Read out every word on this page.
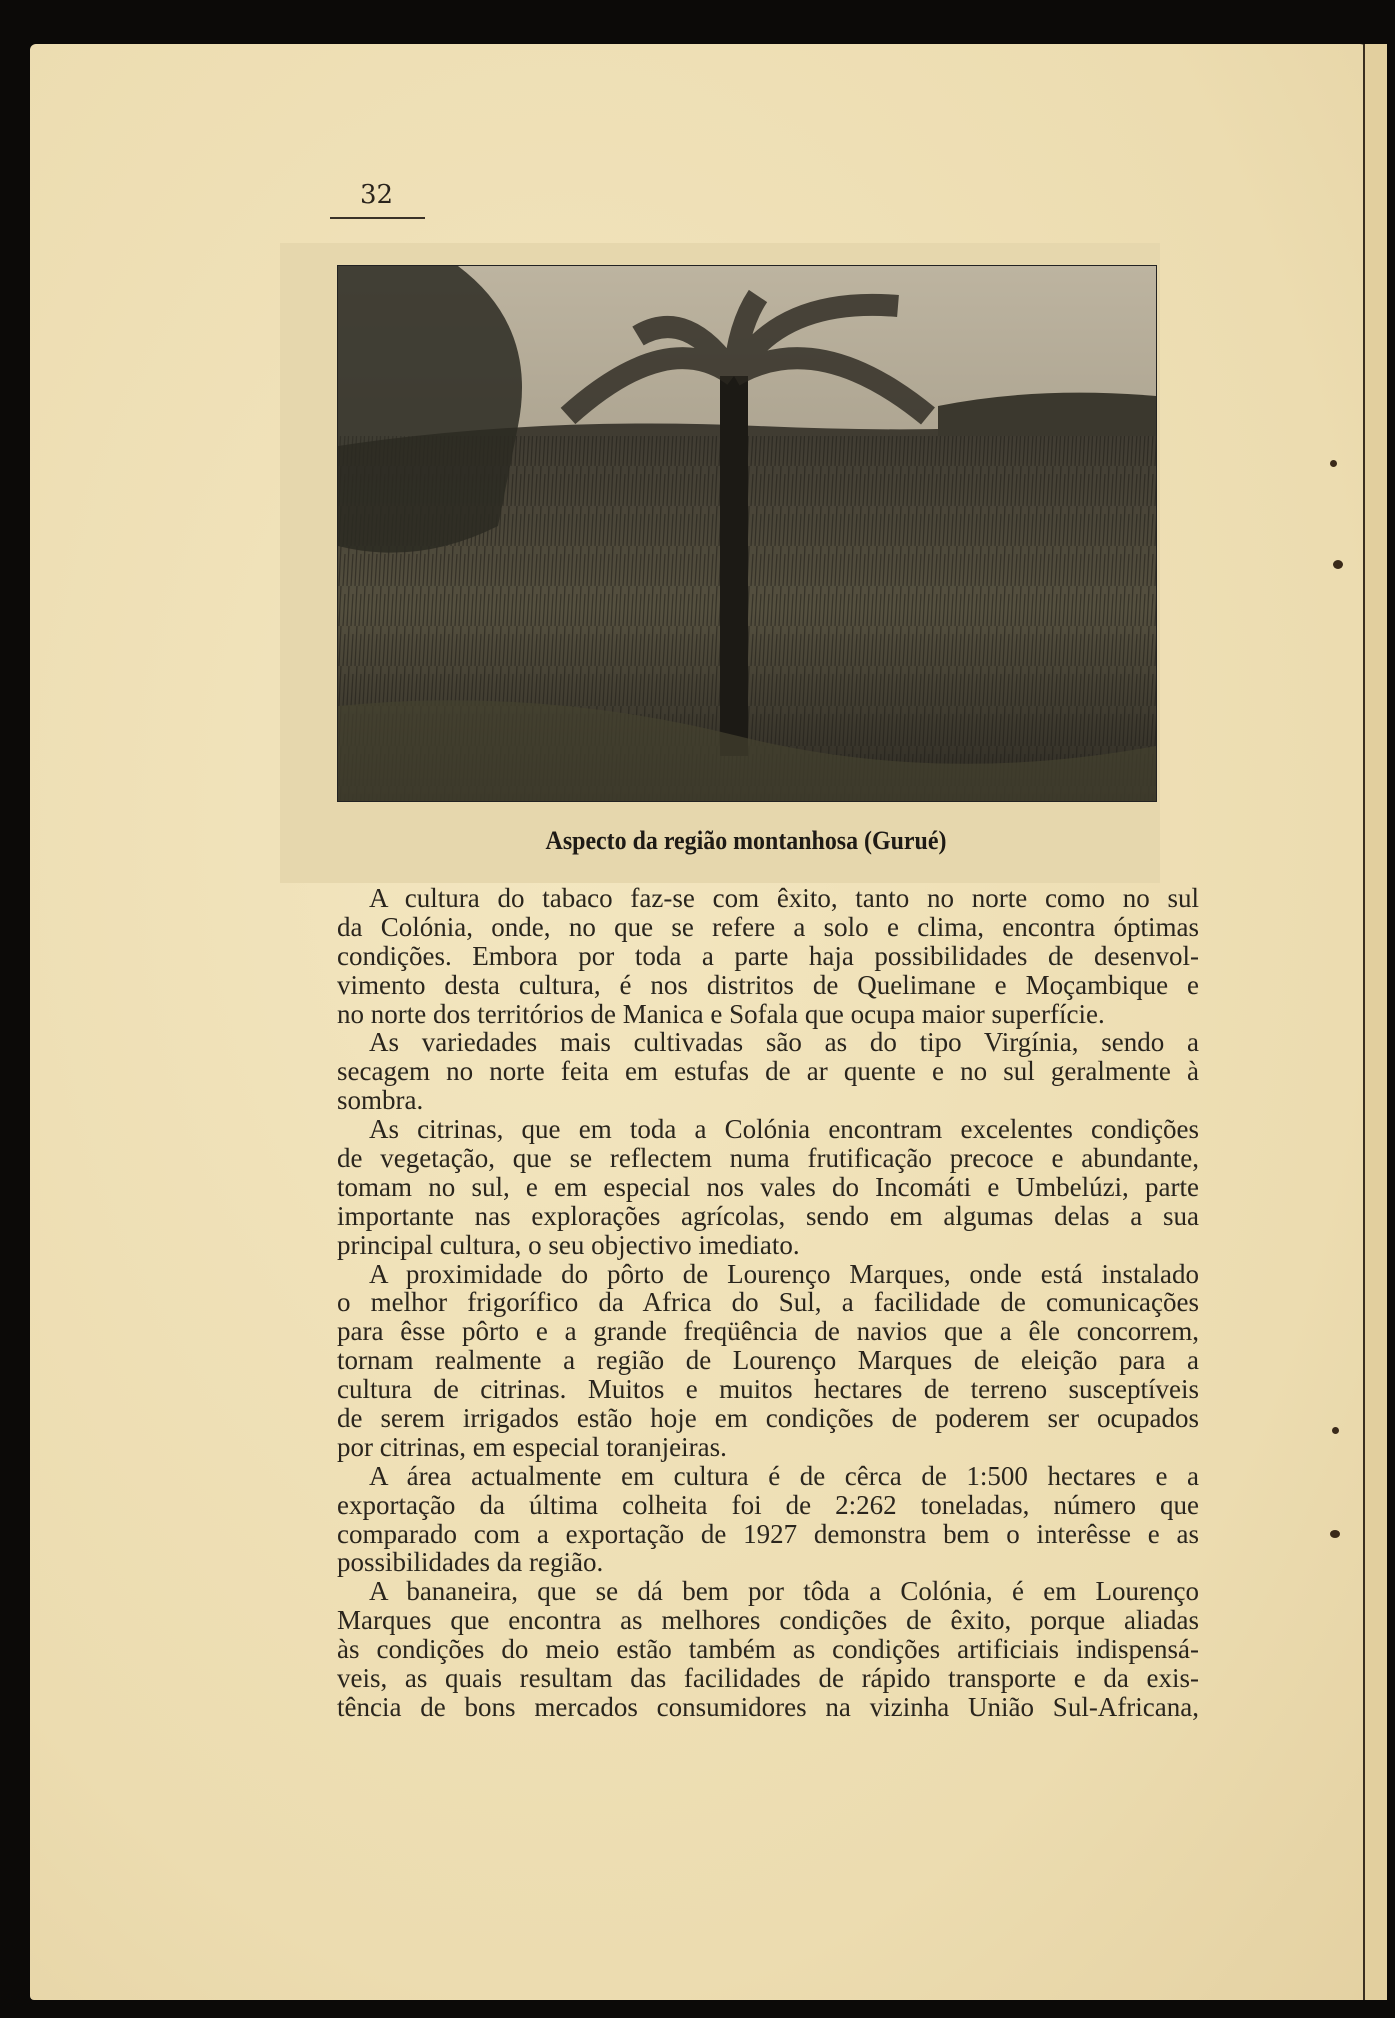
32
Aspecto da região montanhosa (Gurué)
A cultura do tabaco faz-se com êxito, tanto no norte como no sul
da Colónia, onde, no que se refere a solo e clima, encontra óptimas
condições. Embora por toda a parte haja possibilidades de desenvol-
vimento desta cultura, é nos distritos de Quelimane e Moçambique e
no norte dos territórios de Manica e Sofala que ocupa maior superfície.
As variedades mais cultivadas são as do tipo Virgínia, sendo a
secagem no norte feita em estufas de ar quente e no sul geralmente à
sombra.
As citrinas, que em toda a Colónia encontram excelentes condições
de vegetação, que se reflectem numa frutificação precoce e abundante,
tomam no sul, e em especial nos vales do Incomáti e Umbelúzi, parte
importante nas explorações agrícolas, sendo em algumas delas a sua
principal cultura, o seu objectivo imediato.
A proximidade do pôrto de Lourenço Marques, onde está instalado
o melhor frigorífico da Africa do Sul, a facilidade de comunicações
para êsse pôrto e a grande freqüência de navios que a êle concorrem,
tornam realmente a região de Lourenço Marques de eleição para a
cultura de citrinas. Muitos e muitos hectares de terreno susceptíveis
de serem irrigados estão hoje em condições de poderem ser ocupados
por citrinas, em especial toranjeiras.
A área actualmente em cultura é de cêrca de 1:500 hectares e a
exportação da última colheita foi de 2:262 toneladas, número que
comparado com a exportação de 1927 demonstra bem o interêsse e as
possibilidades da região.
A bananeira, que se dá bem por tôda a Colónia, é em Lourenço
Marques que encontra as melhores condições de êxito, porque aliadas
às condições do meio estão também as condições artificiais indispensá-
veis, as quais resultam das facilidades de rápido transporte e da exis-
tência de bons mercados consumidores na vizinha União Sul-Africana,
